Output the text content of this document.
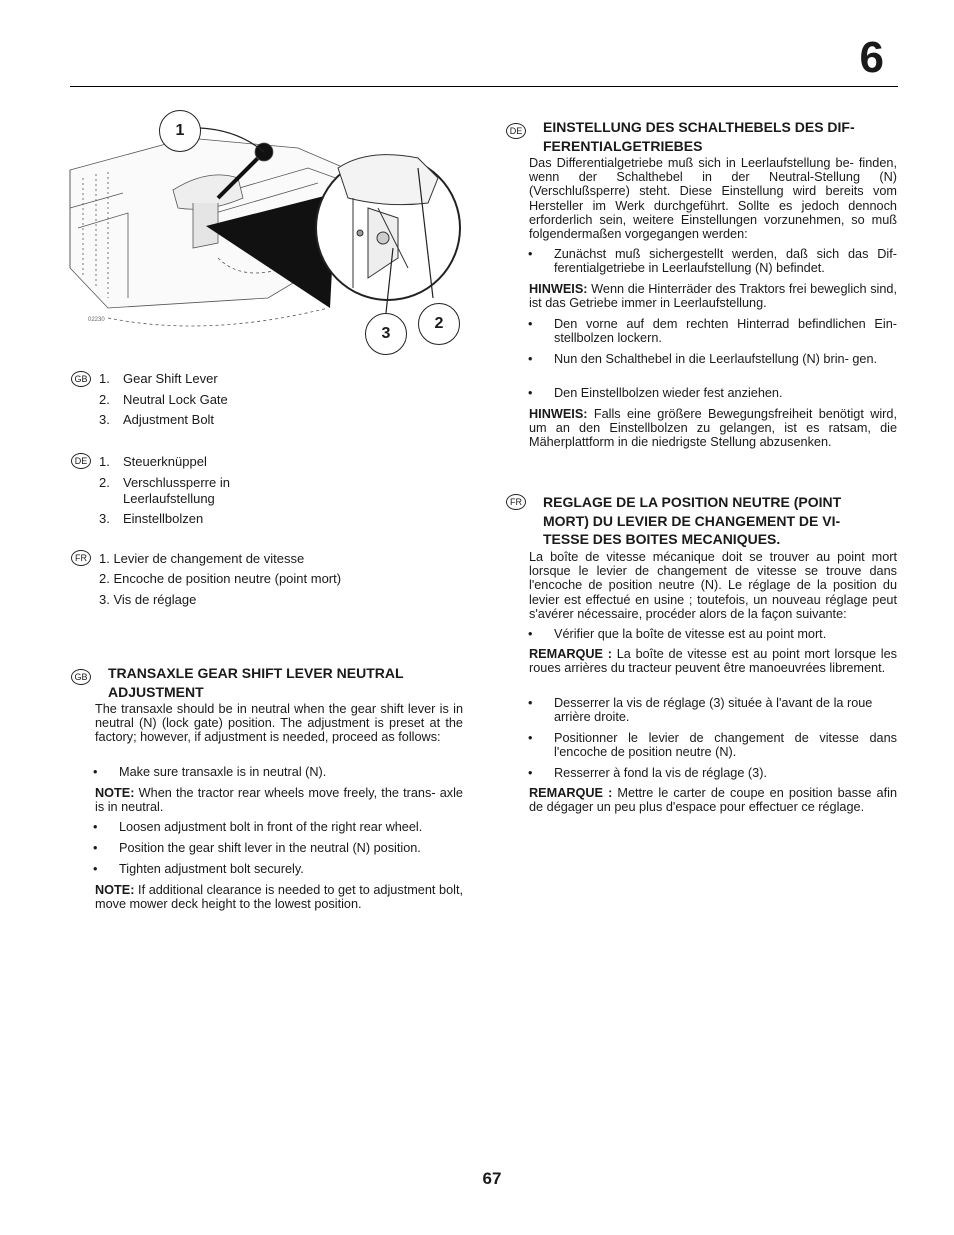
6
02230
1
2
3
GB 1. Gear Shift Lever
2. Neutral Lock Gate
3. Adjustment Bolt
DE 1. Steuerknüppel
2. Verschlussperre in
Leerlaufstellung
3. Einstellbolzen
FR 1. Levier de changement de vitesse
2. Encoche de position neutre (point mort)
3. Vis de réglage
GB TRANSAXLE GEAR SHIFT LEVER NEUTRAL
ADJUSTMENT
The transaxle should be in neutral when the gear shift lever is in neutral (N) (lock gate) position. The adjustment is preset at the factory; however, if adjustment is needed, proceed as follows:
• Make sure transaxle is in neutral (N).
NOTE: When the tractor rear wheels move freely, the trans- axle is in neutral.
• Loosen adjustment bolt in front of the right rear wheel.
• Position the gear shift lever in the neutral (N) position.
• Tighten adjustment bolt securely.
NOTE: If additional clearance is needed to get to adjustment bolt, move mower deck height to the lowest position.
DE EINSTELLUNG DES SCHALTHEBELS DES DIF-
FERENTIALGETRIEBES
Das Differentialgetriebe muß sich in Leerlaufstellung be- finden, wenn der Schalthebel in der Neutral-Stellung (N) (Verschlußsperre) steht. Diese Einstellung wird bereits vom Hersteller im Werk durchgeführt. Sollte es jedoch dennoch erforderlich sein, weitere Einstellungen vorzunehmen, so muß folgendermaßen vorgegangen werden:
• Zunächst muß sichergestellt werden, daß sich das Dif- ferentialgetriebe in Leerlaufstellung (N) befindet.
HINWEIS: Wenn die Hinterräder des Traktors frei beweglich sind, ist das Getriebe immer in Leerlaufstellung.
• Den vorne auf dem rechten Hinterrad befindlichen Ein- stellbolzen lockern.
• Nun den Schalthebel in die Leerlaufstellung (N) brin- gen.
• Den Einstellbolzen wieder fest anziehen.
HINWEIS: Falls eine größere Bewegungsfreiheit benötigt wird, um an den Einstellbolzen zu gelangen, ist es ratsam, die Mäherplattform in die niedrigste Stellung abzusenken.
FR REGLAGE DE LA POSITION NEUTRE (POINT
MORT) DU LEVIER DE CHANGEMENT DE VI-
TESSE DES BOITES MECANIQUES.
La boîte de vitesse mécanique doit se trouver au point mort lorsque le levier de changement de vitesse se trouve dans l'encoche de position neutre (N). Le réglage de la position du levier est effectué en usine ; toutefois, un nouveau réglage peut s'avérer nécessaire, procéder alors de la façon suivante:
• Vérifier que la boîte de vitesse est au point mort.
REMARQUE : La boîte de vitesse est au point mort lorsque les roues arrières du tracteur peuvent être manoeuvrées librement.
• Desserrer la vis de réglage (3) située à l'avant de la roue arrière droite.
• Positionner le levier de changement de vitesse dans l'encoche de position neutre (N).
• Resserrer à fond la vis de réglage (3).
REMARQUE : Mettre le carter de coupe en position basse afin de dégager un peu plus d'espace pour effectuer ce réglage.
67
